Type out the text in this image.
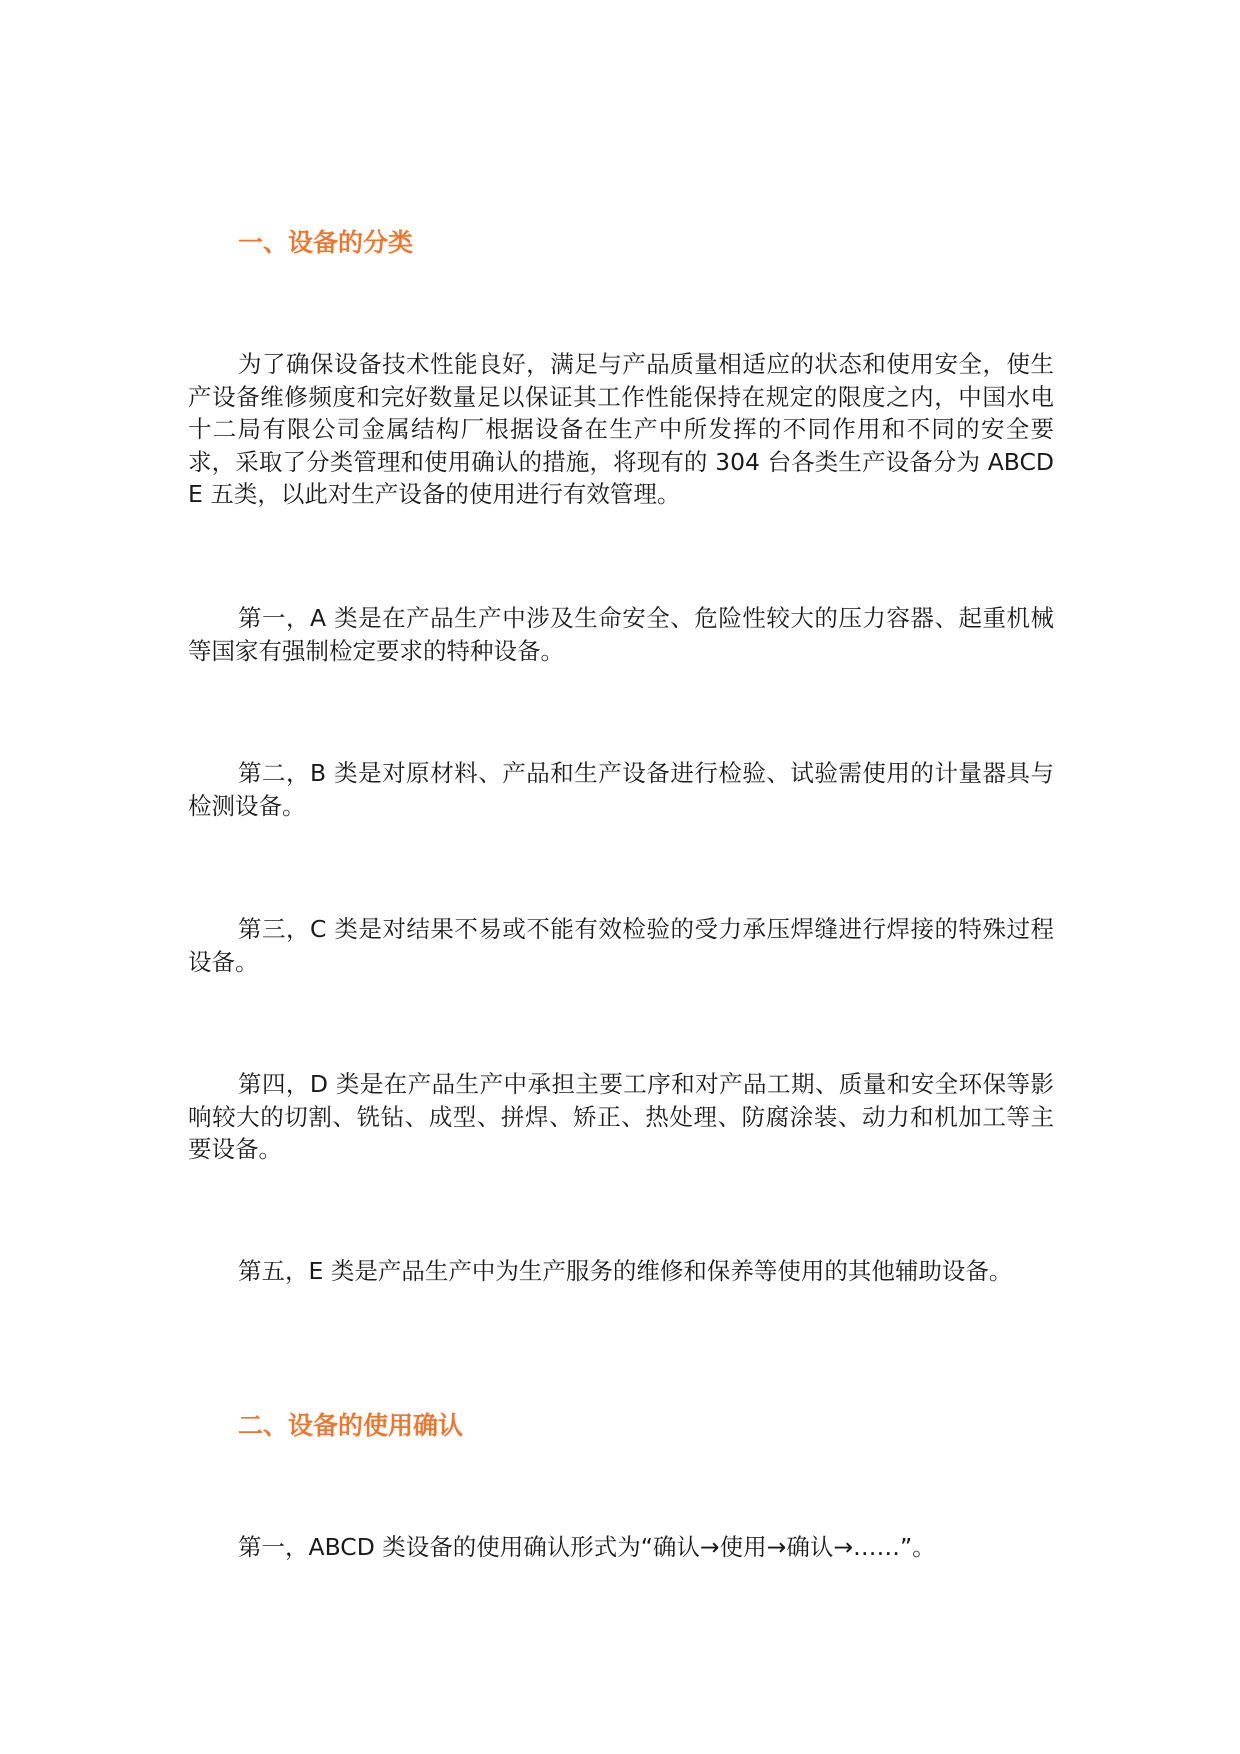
一、设备的分类

为了确保设备技术性能良好，满足与产品质量相适应的状态和使用安全，使生产设备维修频度和完好数量足以保证其工作性能保持在规定的限度之内，中国水电十二局有限公司金属结构厂根据设备在生产中所发挥的不同作用和不同的安全要求，采取了分类管理和使用确认的措施，将现有的 304 台各类生产设备分为 ABCDE 五类，以此对生产设备的使用进行有效管理。

第一，A 类是在产品生产中涉及生命安全、危险性较大的压力容器、起重机械等国家有强制检定要求的特种设备。

第二，B 类是对原材料、产品和生产设备进行检验、试验需使用的计量器具与检测设备。

第三，C 类是对结果不易或不能有效检验的受力承压焊缝进行焊接的特殊过程设备。

第四，D 类是在产品生产中承担主要工序和对产品工期、质量和安全环保等影响较大的切割、铣钻、成型、拼焊、矫正、热处理、防腐涂装、动力和机加工等主要设备。

第五，E 类是产品生产中为生产服务的维修和保养等使用的其他辅助设备。

二、设备的使用确认

第一，ABCD 类设备的使用确认形式为“确认→使用→确认→……”。
